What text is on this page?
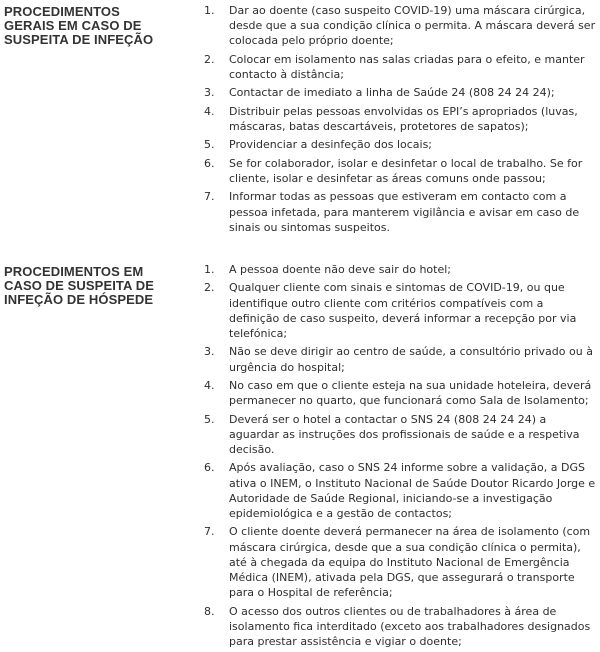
PROCEDIMENTOS GERAIS EM CASO DE SUSPEITA DE INFEÇÃO
1.	Dar ao doente (caso suspeito COVID-19) uma máscara cirúrgica, desde que a sua condição clínica o permita. A máscara deverá ser colocada pelo próprio doente;
2.	Colocar em isolamento nas salas criadas para o efeito, e manter contacto à distância;
3.	Contactar de imediato a linha de Saúde 24 (808 24 24 24);
4.	Distribuir pelas pessoas envolvidas os EPI’s apropriados (luvas, máscaras, batas descartáveis, protetores de sapatos);
5.	Providenciar a desinfeção dos locais;
6.	Se for colaborador, isolar e desinfetar o local de trabalho. Se for cliente, isolar e desinfetar as áreas comuns onde passou;
7.	Informar todas as pessoas que estiveram em contacto com a pessoa infetada, para manterem vigilância e avisar em caso de sinais ou sintomas suspeitos.
PROCEDIMENTOS EM CASO DE SUSPEITA DE INFEÇÃO DE HÓSPEDE
1.	A pessoa doente não deve sair do hotel;
2.	Qualquer cliente com sinais e sintomas de COVID-19, ou que identifique outro cliente com critérios compatíveis com a definição de caso suspeito, deverá informar a recepção por via telefónica;
3.	Não se deve dirigir ao centro de saúde, a consultório privado ou à urgência do hospital;
4.	No caso em que o cliente esteja na sua unidade hoteleira, deverá permanecer no quarto, que funcionará como Sala de Isolamento;
5.	Deverá ser o hotel a contactar o SNS 24 (808 24 24 24) a aguardar as instruções dos profissionais de saúde e a respetiva decisão.
6.	Após avaliação, caso o SNS 24 informe sobre a validação, a DGS ativa o INEM, o Instituto Nacional de Saúde Doutor Ricardo Jorge e Autoridade de Saúde Regional, iniciando-se a investigação epidemiológica e a gestão de contactos;
7.	O cliente doente deverá permanecer na área de isolamento (com máscara cirúrgica, desde que a sua condição clínica o permita), até à chegada da equipa do Instituto Nacional de Emergência Médica (INEM), ativada pela DGS, que assegurará o transporte para o Hospital de referência;
8.	O acesso dos outros clientes ou de trabalhadores à área de isolamento fica interditado (exceto aos trabalhadores designados para prestar assistência e vigiar o doente;
